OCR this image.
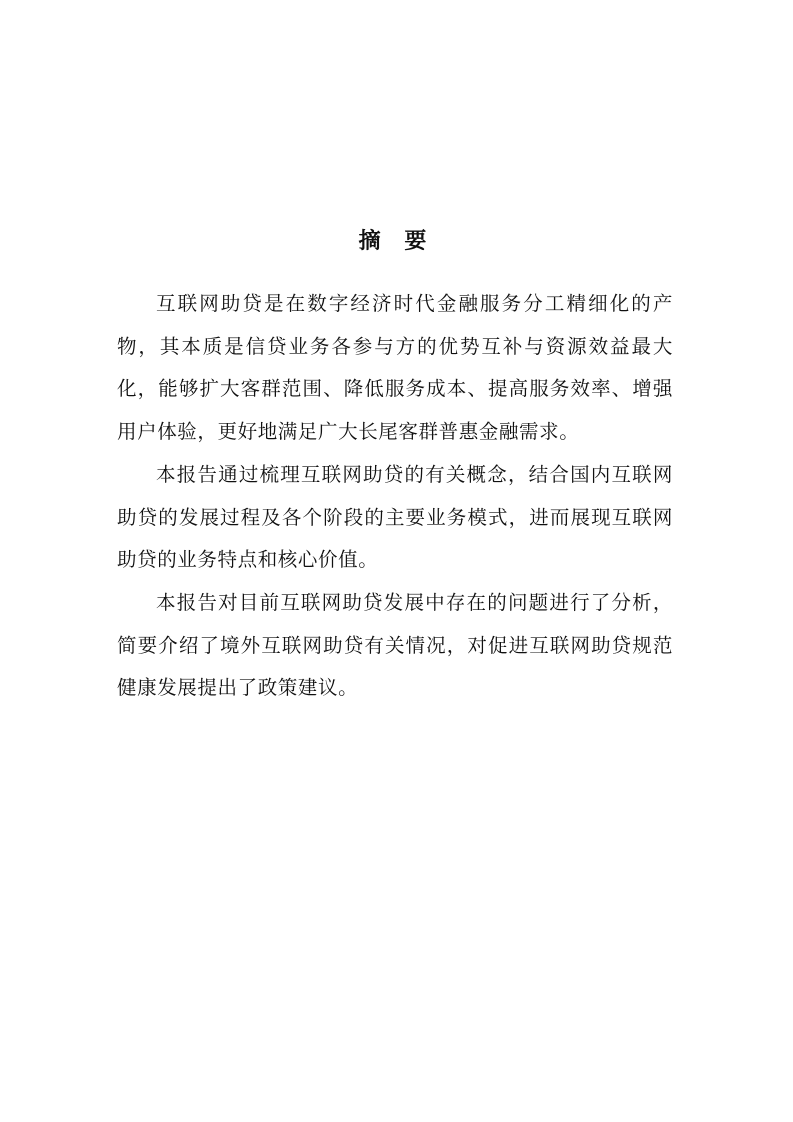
摘 要

互联网助贷是在数字经济时代金融服务分工精细化的产物，其本质是信贷业务各参与方的优势互补与资源效益最大化，能够扩大客群范围、降低服务成本、提高服务效率、增强用户体验，更好地满足广大长尾客群普惠金融需求。

本报告通过梳理互联网助贷的有关概念，结合国内互联网助贷的发展过程及各个阶段的主要业务模式，进而展现互联网助贷的业务特点和核心价值。

本报告对目前互联网助贷发展中存在的问题进行了分析，简要介绍了境外互联网助贷有关情况，对促进互联网助贷规范健康发展提出了政策建议。
